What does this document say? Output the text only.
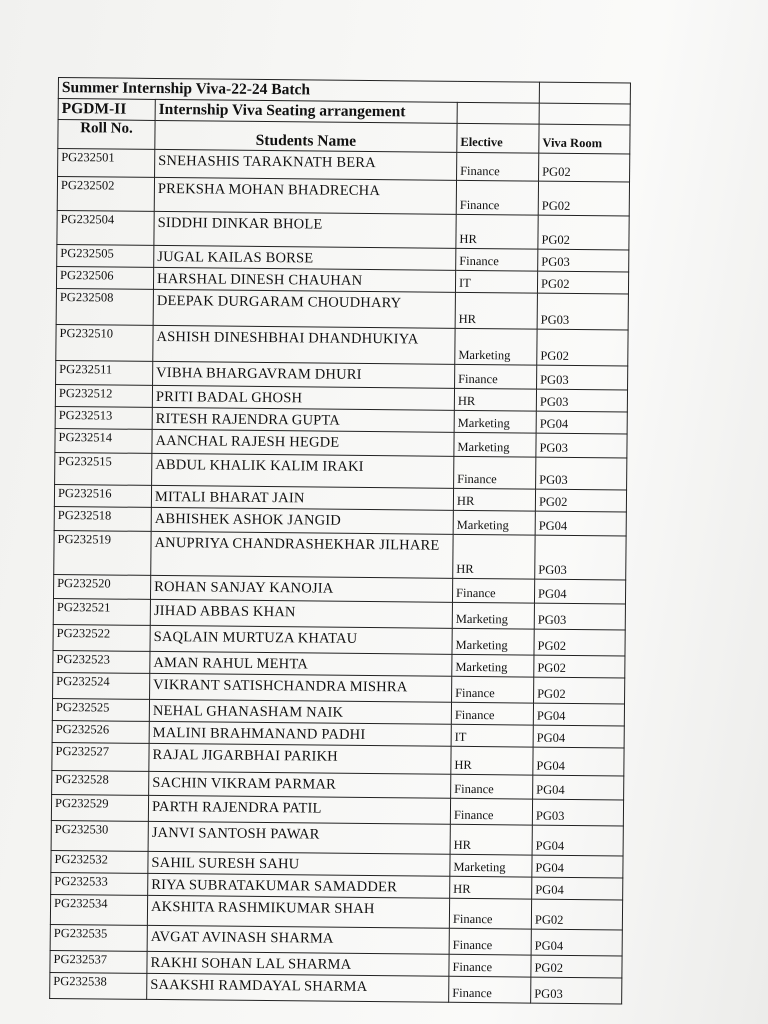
Summer Internship Viva-22-24 Batch			
PGDM-II	Internship Viva Seating arrangement		
Roll No.	Students Name	Elective	Viva Room
PG232501	SNEHASHIS TARAKNATH BERA	Finance	PG02
PG232502	PREKSHA MOHAN BHADRECHA	Finance	PG02
PG232504	SIDDHI DINKAR BHOLE	HR	PG02
PG232505	JUGAL KAILAS BORSE	Finance	PG03
PG232506	HARSHAL DINESH CHAUHAN	IT	PG02
PG232508	DEEPAK DURGARAM CHOUDHARY	HR	PG03
PG232510	ASHISH DINESHBHAI DHANDHUKIYA	Marketing	PG02
PG232511	VIBHA BHARGAVRAM DHURI	Finance	PG03
PG232512	PRITI BADAL GHOSH	HR	PG03
PG232513	RITESH RAJENDRA GUPTA	Marketing	PG04
PG232514	AANCHAL RAJESH HEGDE	Marketing	PG03
PG232515	ABDUL KHALIK KALIM IRAKI	Finance	PG03
PG232516	MITALI BHARAT JAIN	HR	PG02
PG232518	ABHISHEK ASHOK JANGID	Marketing	PG04
PG232519	ANUPRIYA CHANDRASHEKHAR JILHARE	HR	PG03
PG232520	ROHAN SANJAY KANOJIA	Finance	PG04
PG232521	JIHAD ABBAS KHAN	Marketing	PG03
PG232522	SAQLAIN MURTUZA KHATAU	Marketing	PG02
PG232523	AMAN RAHUL MEHTA	Marketing	PG02
PG232524	VIKRANT SATISHCHANDRA MISHRA	Finance	PG02
PG232525	NEHAL GHANASHAM NAIK	Finance	PG04
PG232526	MALINI BRAHMANAND PADHI	IT	PG04
PG232527	RAJAL JIGARBHAI PARIKH	HR	PG04
PG232528	SACHIN VIKRAM PARMAR	Finance	PG04
PG232529	PARTH RAJENDRA PATIL	Finance	PG03
PG232530	JANVI SANTOSH PAWAR	HR	PG04
PG232532	SAHIL SURESH SAHU	Marketing	PG04
PG232533	RIYA SUBRATAKUMAR SAMADDER	HR	PG04
PG232534	AKSHITA RASHMIKUMAR SHAH	Finance	PG02
PG232535	AVGAT AVINASH SHARMA	Finance	PG04
PG232537	RAKHI SOHAN LAL SHARMA	Finance	PG02
PG232538	SAAKSHI RAMDAYAL SHARMA	Finance	PG03
